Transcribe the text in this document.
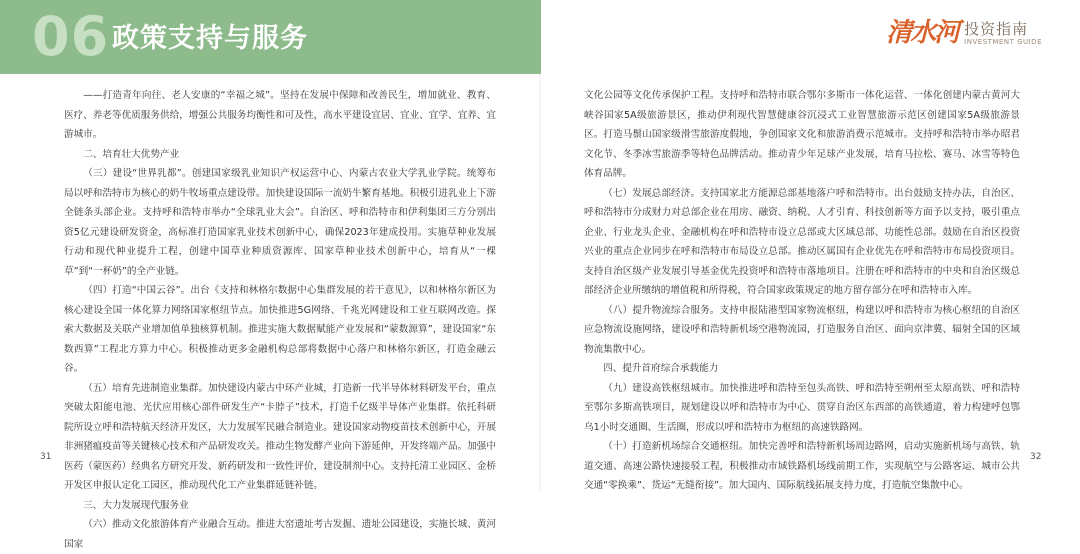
06 政策支持与服务	清水河 投资指南
INVESTMENT GUIDE

——打造青年向往、老人安康的“幸福之城”。坚持在发展中保障和改善民生，增加就业、教育、医疗、养老等优质服务供给，增强公共服务均衡性和可及性，高水平建设宜居、宜业、宜学、宜养、宜游城市。

二、培育壮大优势产业

（三）建设“世界乳都”。创建国家级乳业知识产权运营中心、内蒙古农业大学乳业学院。统筹布局以呼和浩特市为核心的奶牛牧场重点建设带。加快建设国际一流奶牛繁育基地。积极引进乳业上下游全链条头部企业。支持呼和浩特市举办“全球乳业大会”。自治区、呼和浩特市和伊利集团三方分别出资5亿元建设研发资金，高标准打造国家乳业技术创新中心，确保2023年建成投用。实施草种业发展行动和现代种业提升工程，创建中国草业种质资源库、国家草种业技术创新中心，培育从“一棵草”到“一杯奶”的全产业链。

（四）打造“中国云谷”。出台《支持和林格尔数据中心集群发展的若干意见》，以和林格尔新区为核心建设全国一体化算力网络国家枢纽节点。加快推进5G网络、千兆光网建设和工业互联网改造。探索大数据及关联产业增加值单独核算机制。推进实施大数据赋能产业发展和“蒙数源算”，建设国家“东数西算”工程北方算力中心。积极推动更多金融机构总部将数据中心落户和林格尔新区，打造金融云谷。

（五）培育先进制造业集群。加快建设内蒙古中环产业城，打造新一代半导体材料研发平台，重点突破太阳能电池、光伏应用核心部件研发生产“卡脖子”技术，打造千亿级半导体产业集群。依托科研院所设立呼和浩特航天经济开发区，大力发展军民融合制造业。建设国家动物疫苗技术创新中心，开展非洲猪瘟疫苗等关键核心技术和产品研发攻关。推动生物发酵产业向下游延伸，开发终端产品。加强中医药（蒙医药）经典名方研究开发、新药研发和一致性评价，建设制剂中心。支持托清工业园区、金桥开发区申报认定化工园区，推动现代化工产业集群延链补链。

三、大力发展现代服务业

（六）推动文化旅游体育产业融合互动。推进大窑遗址考古发掘、遗址公园建设，实施长城、黄河国家

文化公园等文化传承保护工程。支持呼和浩特市联合鄂尔多斯市一体化运营、一体化创建内蒙古黄河大峡谷国家5A级旅游景区，推动伊利现代智慧健康谷沉浸式工业智慧旅游示范区创建国家5A级旅游景区。打造马鬃山国家级滑雪旅游度假地，争创国家文化和旅游消费示范城市。支持呼和浩特市举办昭君文化节、冬季冰雪旅游季等特色品牌活动。推动青少年足球产业发展，培育马拉松、赛马、冰雪等特色体育品牌。

（七）发展总部经济。支持国家北方能源总部基地落户呼和浩特市。出台鼓励支持办法，自治区、呼和浩特市分成财力对总部企业在用房、融资、纳税、人才引育、科技创新等方面予以支持，吸引重点企业、行业龙头企业、金融机构在呼和浩特市设立总部或大区域总部、功能性总部。鼓励在自治区投资兴业的重点企业同步在呼和浩特市布局设立总部。推动区属国有企业优先在呼和浩特市布局投资项目。支持自治区级产业发展引导基金优先投资呼和浩特市落地项目。注册在呼和浩特市的中央和自治区级总部经济企业所缴纳的增值税和所得税，符合国家政策规定的地方留存部分在呼和浩特市入库。

（八）提升物流综合服务。支持申报陆港型国家物流枢纽，构建以呼和浩特市为核心枢纽的自治区应急物流设施网络，建设呼和浩特新机场空港物流园，打造服务自治区、面向京津冀、辐射全国的区域物流集散中心。

四、提升首府综合承载能力

（九）建设高铁枢纽城市。加快推进呼和浩特至包头高铁、呼和浩特至朔州至太原高铁、呼和浩特至鄂尔多斯高铁项目，规划建设以呼和浩特市为中心、贯穿自治区东西部的高铁通道，着力构建呼包鄂乌1小时交通圈、生活圈，形成以呼和浩特市为枢纽的高速铁路网。

（十）打造新机场综合交通枢纽。加快完善呼和浩特新机场周边路网，启动实施新机场与高铁、轨道交通、高速公路快速接驳工程，积极推动市域铁路机场线前期工作，实现航空与公路客运、城市公共交通“零换乘”、货运“无缝衔接”。加大国内、国际航线拓展支持力度，打造航空集散中心。

31	32
